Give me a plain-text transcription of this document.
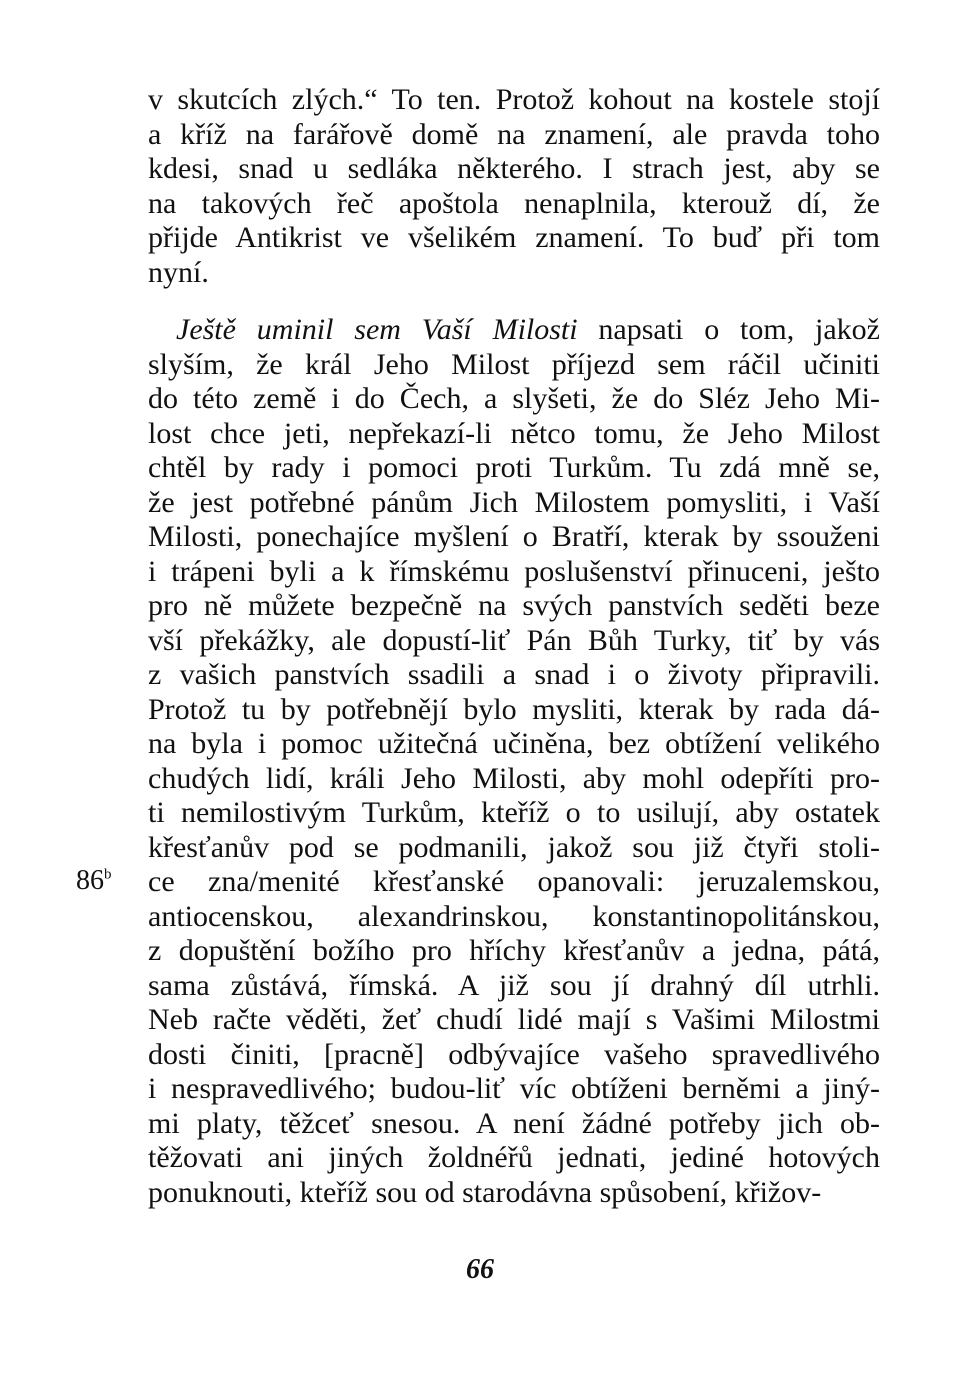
v skutcích zlých.“ To ten. Protož kohout na kostele stojí
a kříž na farářově domě na znamení, ale pravda toho
kdesi, snad u sedláka některého. I strach jest, aby se
na takových řeč apoštola nenaplnila, kterouž dí, že
přijde Antikrist ve všelikém znamení. To buď při tom
nyní.
Ještě uminil sem Vaší Milosti napsati o tom, jakož
slyším, že král Jeho Milost příjezd sem ráčil učiniti
do této země i do Čech, a slyšeti, že do Sléz Jeho Mi-
lost chce jeti, nepřekazí-li nětco tomu, že Jeho Milost
chtěl by rady i pomoci proti Turkům. Tu zdá mně se,
že jest potřebné pánům Jich Milostem pomysliti, i Vaší
Milosti, ponechajíce myšlení o Bratří, kterak by ssouženi
i trápeni byli a k římskému poslušenství přinuceni, ješto
pro ně můžete bezpečně na svých panstvích seděti beze
vší překážky, ale dopustí-liť Pán Bůh Turky, tiť by vás
z vašich panstvích ssadili a snad i o životy připravili.
Protož tu by potřebnějí bylo mysliti, kterak by rada dá-
na byla i pomoc užitečná učiněna, bez obtížení velikého
chudých lidí, králi Jeho Milosti, aby mohl odepříti pro-
ti nemilostivým Turkům, kteříž o to usilují, aby ostatek
křesťanův pod se podmanili, jakož sou již čtyři stoli-
ce zna/menité křesťanské opanovali: jeruzalemskou,
antiocenskou, alexandrinskou, konstantinopolitánskou,
z dopuštění božího pro hříchy křesťanův a jedna, pátá,
sama zůstává, římská. A již sou jí drahný díl utrhli.
Neb račte věděti, žeť chudí lidé mají s Vašimi Milostmi
dosti činiti, [pracně] odbývajíce vašeho spravedlivého
i nespravedlivého; budou-liť víc obtíženi berněmi a jiný-
mi platy, těžceť snesou. A není žádné potřeby jich ob-
těžovati ani jiných žoldnéřů jednati, jediné hotových
ponuknouti, kteříž sou od starodávna spůsobení, křižov-
86$^b$
66
